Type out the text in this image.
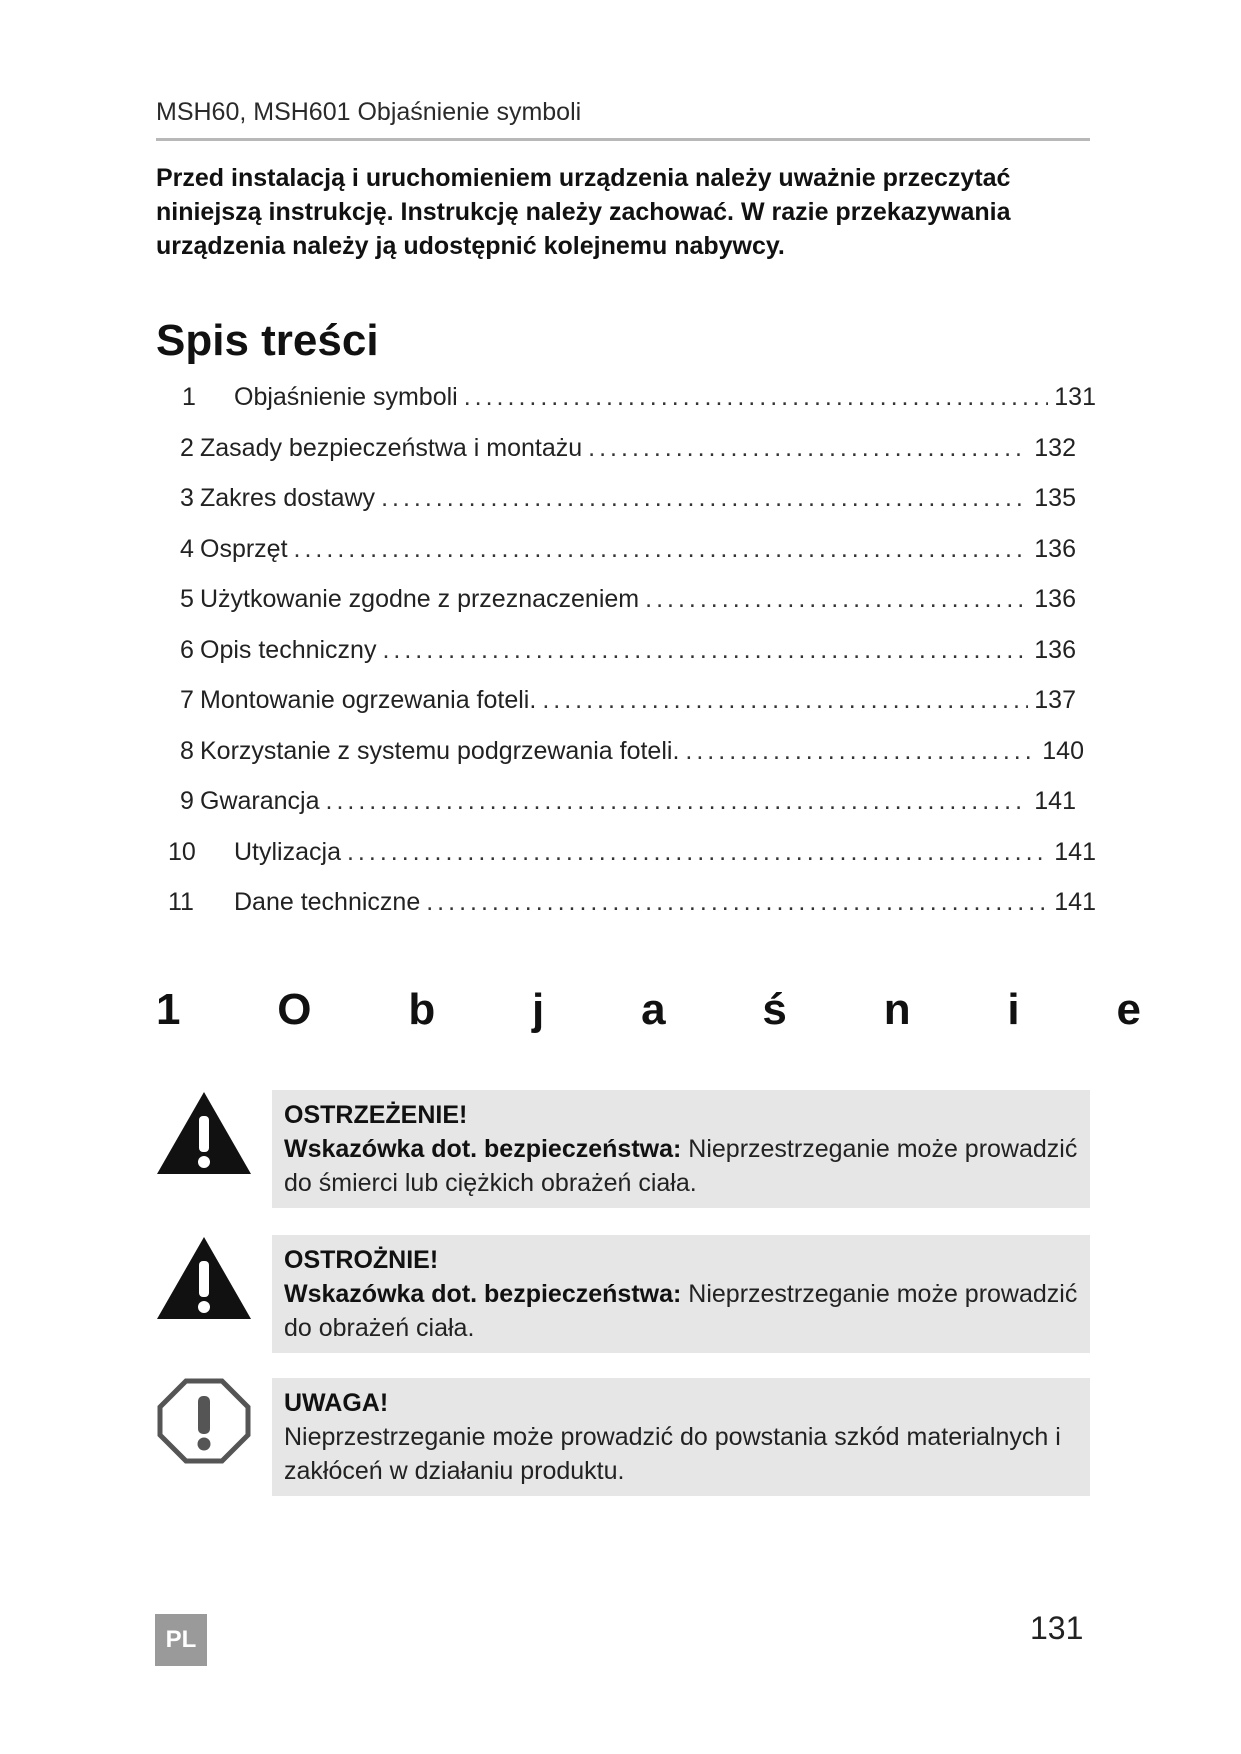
MSH60, MSH601 Objaśnienie symboli
Przed instalacją i uruchomieniem urządzenia należy uważnie przeczytać niniejszą instrukcję. Instrukcję należy zachować. W razie przekazywania urządzenia należy ją udostępnić kolejnemu nabywcy.
Spis treści
1	Objaśnienie symboli .....	131
2 Zasady bezpieczeństwa i montażu .....	132
3 Zakres dostawy .....	135
4 Osprzęt .....	136
5 Użytkowanie zgodne z przeznaczeniem .....	136
6 Opis techniczny .....	136
7 Montowanie ogrzewania foteli. .....	137
8 Korzystanie z systemu podgrzewania foteli. .....	140
9 Gwarancja .....	141
10	Utylizacja .....	141
11	Dane techniczne .....	141
1 O b j a ś n i e
OSTRZEŻENIE!
Wskazówka dot. bezpieczeństwa: Nieprzestrzeganie może prowadzić do śmierci lub ciężkich obrażeń ciała.
OSTROŻNIE!
Wskazówka dot. bezpieczeństwa: Nieprzestrzeganie może prowadzić do obrażeń ciała.
UWAGA!
Nieprzestrzeganie może prowadzić do powstania szkód materialnych i zakłóceń w działaniu produktu.
PL	131
